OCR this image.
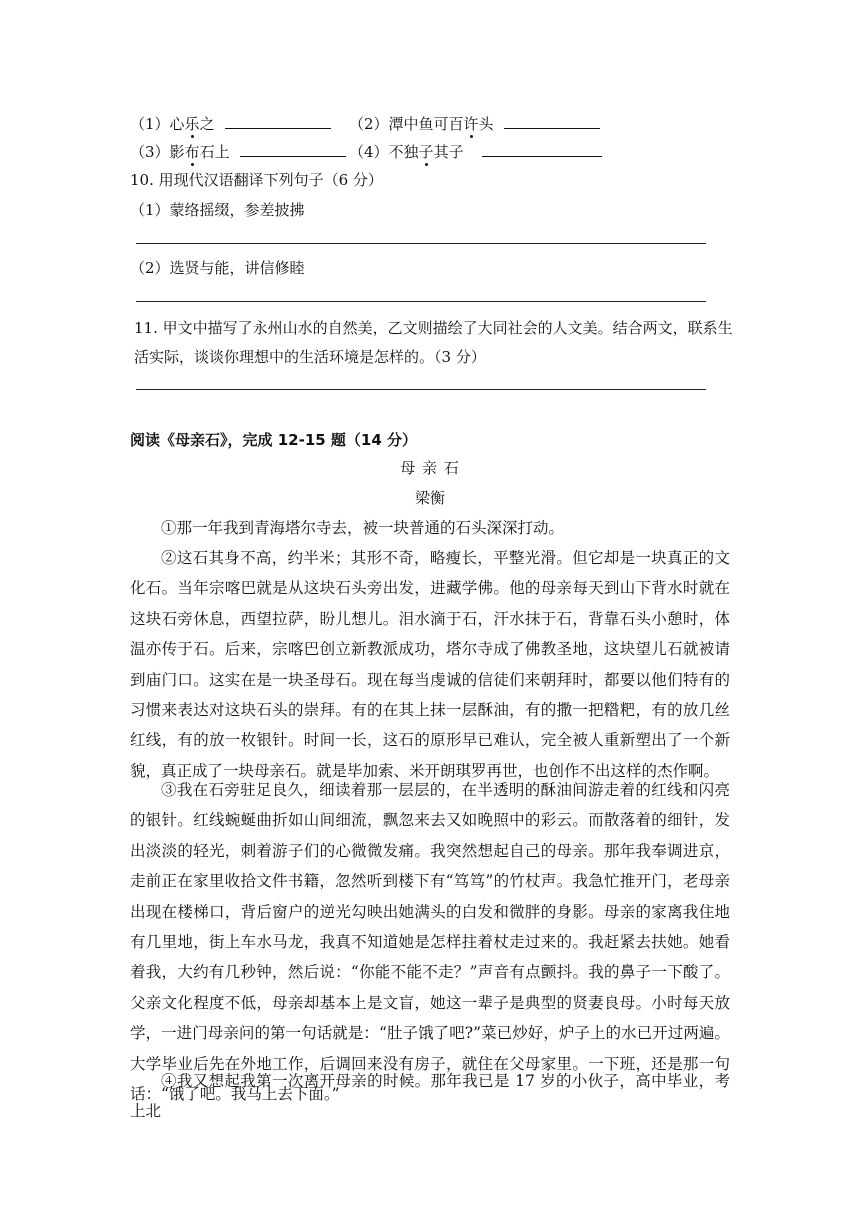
（1）心乐之	（2）潭中鱼可百许头
（3）影布石上	（4）不独子其子
10. 用现代汉语翻译下列句子（6 分）
（1）蒙络摇缀，参差披拂
（2）选贤与能，讲信修睦
11. 甲文中描写了永州山水的自然美，乙文则描绘了大同社会的人文美。结合两文，联系生
活实际，谈谈你理想中的生活环境是怎样的。（3 分）
阅读《母亲石》，完成 12-15 题（14 分）
母 亲 石
梁衡
①那一年我到青海塔尔寺去，被一块普通的石头深深打动。
②这石其身不高，约半米；其形不奇，略瘦长，平整光滑。但它却是一块真正的文化石。当年宗喀巴就是从这块石头旁出发，进藏学佛。他的母亲每天到山下背水时就在这块石旁休息，西望拉萨，盼儿想儿。泪水滴于石，汗水抹于石，背靠石头小憩时，体温亦传于石。后来，宗喀巴创立新教派成功，塔尔寺成了佛教圣地，这块望儿石就被请到庙门口。这实在是一块圣母石。现在每当虔诚的信徒们来朝拜时，都要以他们特有的习惯来表达对这块石头的崇拜。有的在其上抹一层酥油，有的撒一把糌粑，有的放几丝红线，有的放一枚银针。时间一长，这石的原形早已难认，完全被人重新塑出了一个新貌，真正成了一块母亲石。就是毕加索、米开朗琪罗再世，也创作不出这样的杰作啊。
③我在石旁驻足良久，细读着那一层层的，在半透明的酥油间游走着的红线和闪亮的银针。红线蜿蜒曲折如山间细流，飘忽来去又如晚照中的彩云。而散落着的细针，发出淡淡的轻光，刺着游子们的心微微发痛。我突然想起自己的母亲。那年我奉调进京，走前正在家里收拾文件书籍，忽然听到楼下有“笃笃”的竹杖声。我急忙推开门，老母亲出现在楼梯口，背后窗户的逆光勾映出她满头的白发和微胖的身影。母亲的家离我住地有几里地，街上车水马龙，我真不知道她是怎样拄着杖走过来的。我赶紧去扶她。她看着我，大约有几秒钟，然后说：“你能不能不走？”声音有点颤抖。我的鼻子一下酸了。父亲文化程度不低，母亲却基本上是文盲，她这一辈子是典型的贤妻良母。小时每天放学，一进门母亲问的第一句话就是：“肚子饿了吧?”菜已炒好，炉子上的水已开过两遍。大学毕业后先在外地工作，后调回来没有房子，就住在父母家里。一下班，还是那一句话：“饿了吧。我马上去下面。”
④我又想起我第一次离开母亲的时候。那年我已是 17 岁的小伙子，高中毕业，考上北
